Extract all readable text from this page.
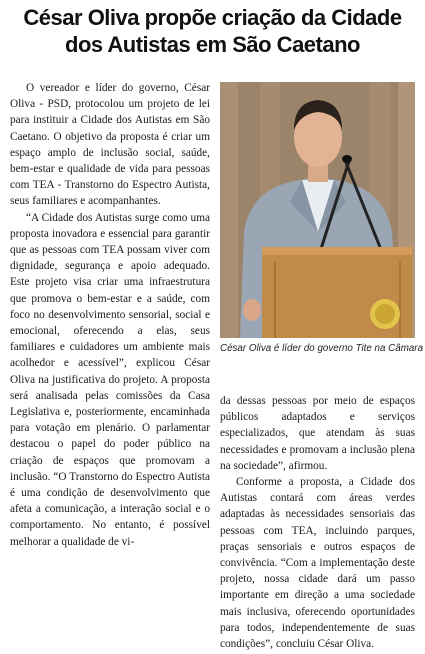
César Oliva propõe criação da Cidade
dos Autistas em São Caetano

O vereador e líder do governo, César Oliva - PSD, protocolou um projeto de lei para instituir a Cidade dos Autistas em São Caetano. O objetivo da proposta é criar um espaço amplo de inclusão social, saúde, bem-estar e qualidade de vida para pessoas com TEA - Transtorno do Espectro Autista, seus familiares e acompanhantes.

“A Cidade dos Autistas surge como uma proposta inovadora e essencial para garantir que as pessoas com TEA possam viver com dignidade, segurança e apoio adequado. Este projeto visa criar uma infraestrutura que promova o bem-estar e a saúde, com foco no desenvolvimento sensorial, social e emocional, oferecendo a elas, seus familiares e cuidadores um ambiente mais acolhedor e acessível”, explicou César Oliva na justificativa do projeto. A proposta será analisada pelas comissões da Casa Legislativa e, posteriormente, encaminhada para votação em plenário. O parlamentar destacou o papel do poder público na criação de espaços que promovam a inclusão. “O Transtorno do Espectro Autista é uma condição de desenvolvimento que afeta a comunicação, a interação social e o comportamento. No entanto, é possível melhorar a qualidade de vi-

César Oliva é líder do governo Tite na Câmara

da dessas pessoas por meio de espaços públicos adaptados e serviços especializados, que atendam às suas necessidades e promovam a inclusão plena na sociedade”, afirmou.

Conforme a proposta, a Cidade dos Autistas contará com áreas verdes adaptadas às necessidades sensoriais das pessoas com TEA, incluindo parques, praças sensoriais e outros espaços de convivência. “Com a implementação deste projeto, nossa cidade dará um passo importante em direção a uma sociedade mais inclusiva, oferecendo oportunidades para todos, independentemente de suas condições”, concluiu César Oliva.
